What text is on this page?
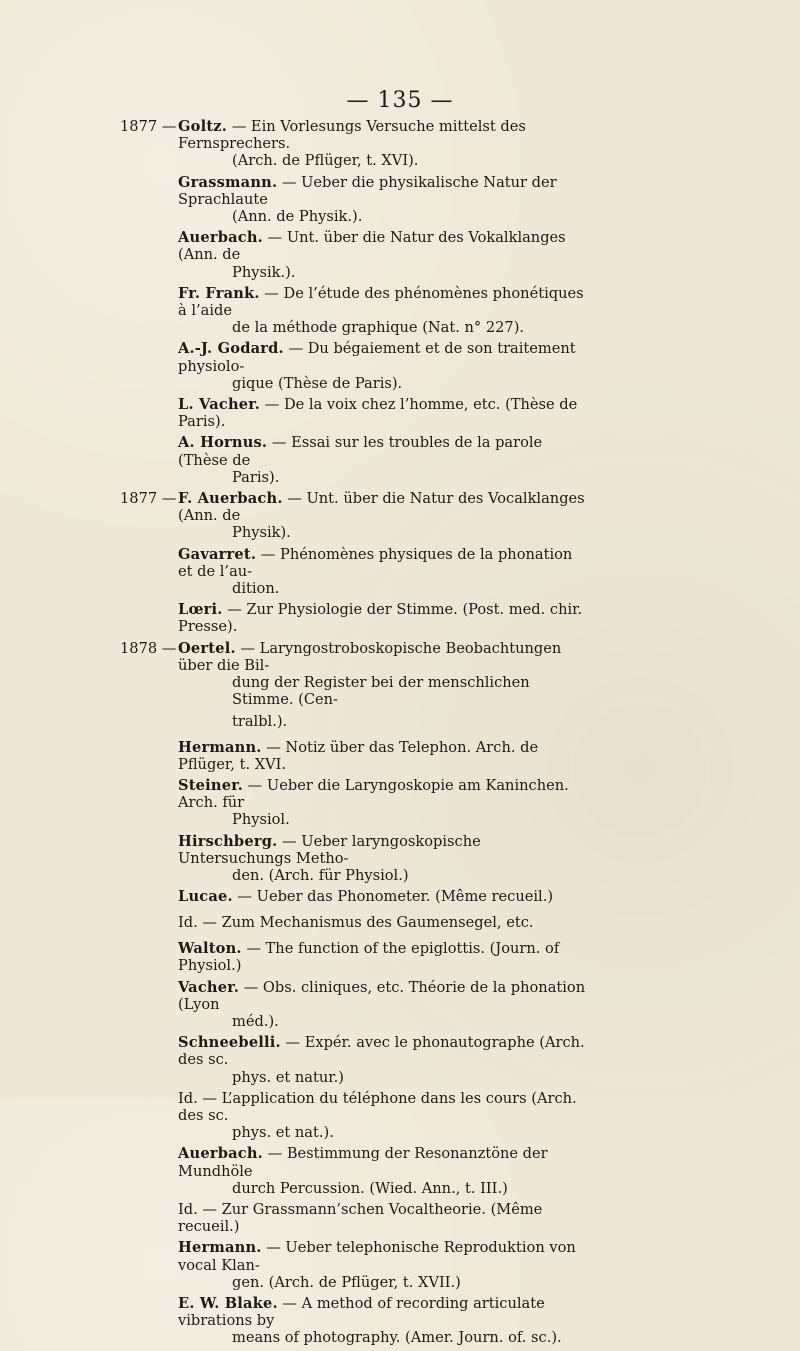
— 135 —
1877 — Goltz. — Ein Vorlesungs Versuche mittelst des Fernsprechers.
(Arch. de Pflüger, t. XVI).
Grassmann. — Ueber die physikalische Natur der Sprachlaute
(Ann. de Physik.).
Auerbach. — Unt. über die Natur des Vokalklanges (Ann. de
Physik.).
Fr. Frank. — De l’étude des phénomènes phonétiques à l’aide
de la méthode graphique (Nat. n° 227).
A.-J. Godard. — Du bégaiement et de son traitement physiolo-
gique (Thèse de Paris).
L. Vacher. — De la voix chez l’homme, etc. (Thèse de Paris).
A. Hornus. — Essai sur les troubles de la parole (Thèse de
Paris).
1877 — F. Auerbach. — Unt. über die Natur des Vocalklanges (Ann. de
Physik).
Gavarret. — Phénomènes physiques de la phonation et de l’au-
dition.
Lœri. — Zur Physiologie der Stimme. (Post. med. chir. Presse).
1878 — Oertel. — Laryngostroboskopische Beobachtungen über die Bil-
dung der Register bei der menschlichen Stimme. (Cen-
tralbl.).
Hermann. — Notiz über das Telephon. Arch. de Pflüger, t. XVI.
Steiner. — Ueber die Laryngoskopie am Kaninchen. Arch. für
Physiol.
Hirschberg. — Ueber laryngoskopische Untersuchungs Metho-
den. (Arch. für Physiol.)
Lucae. — Ueber das Phonometer. (Même recueil.)
Id. — Zum Mechanismus des Gaumensegel, etc.
Walton. — The function of the epiglottis. (Journ. of Physiol.)
Vacher. — Obs. cliniques, etc. Théorie de la phonation (Lyon
méd.).
Schneebelli. — Expér. avec le phonautographe (Arch. des sc.
phys. et natur.)
Id. — L’application du téléphone dans les cours (Arch. des sc.
phys. et nat.).
Auerbach. — Bestimmung der Resonanztöne der Mundhöle
durch Percussion. (Wied. Ann., t. III.)
Id. — Zur Grassmann’schen Vocaltheorie. (Même recueil.)
Hermann. — Ueber telephonische Reproduktion von vocal Klan-
gen. (Arch. de Pflüger, t. XVII.)
E. W. Blake. — A method of recording articulate vibrations by
means of photography. (Amer. Journ. of. sc.).
